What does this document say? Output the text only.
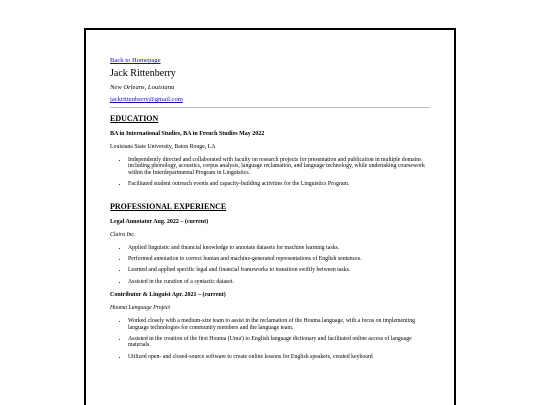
Back to Homepage
Jack Rittenberry
New Orleans, Louisiana
jackrittenberry@gmail.com
EDUCATION
BA in International Studies, BA in French Studies May 2022
Louisiana State University, Baton Rouge, LA
• Independently directed and collaborated with faculty on research projects for presentation and publication in multiple domains including phonology, acoustics, corpus analysis, language reclamation, and language technology, while undertaking coursework within the Interdepartmental Program in Linguistics.
• Facilitated student outreach events and capacity-building activities for the Linguistics Program.
PROFESSIONAL EXPERIENCE
Legal Annotator Aug. 2022 – (current)
Claira Inc.
• Applied linguistic and financial knowledge to annotate datasets for machine learning tasks.
• Performed annotation to correct human and machine-generated representations of English sentences.
• Learned and applied specific legal and financial frameworks to transition swiftly between tasks.
• Assisted in the curation of a syntactic dataset.
Contributor & Linguist Apr. 2021 – (current)
Houma Language Project
• Worked closely with a medium-size team to assist in the reclamation of the Houma language, with a focus on implementing language technologies for community members and the language team.
• Assisted in the creation of the first Houma (Uma') to English language dictionary and facilitated online access of language materials.
• Utilized open- and closed-source software to create online lessons for English speakers, created keyboard
